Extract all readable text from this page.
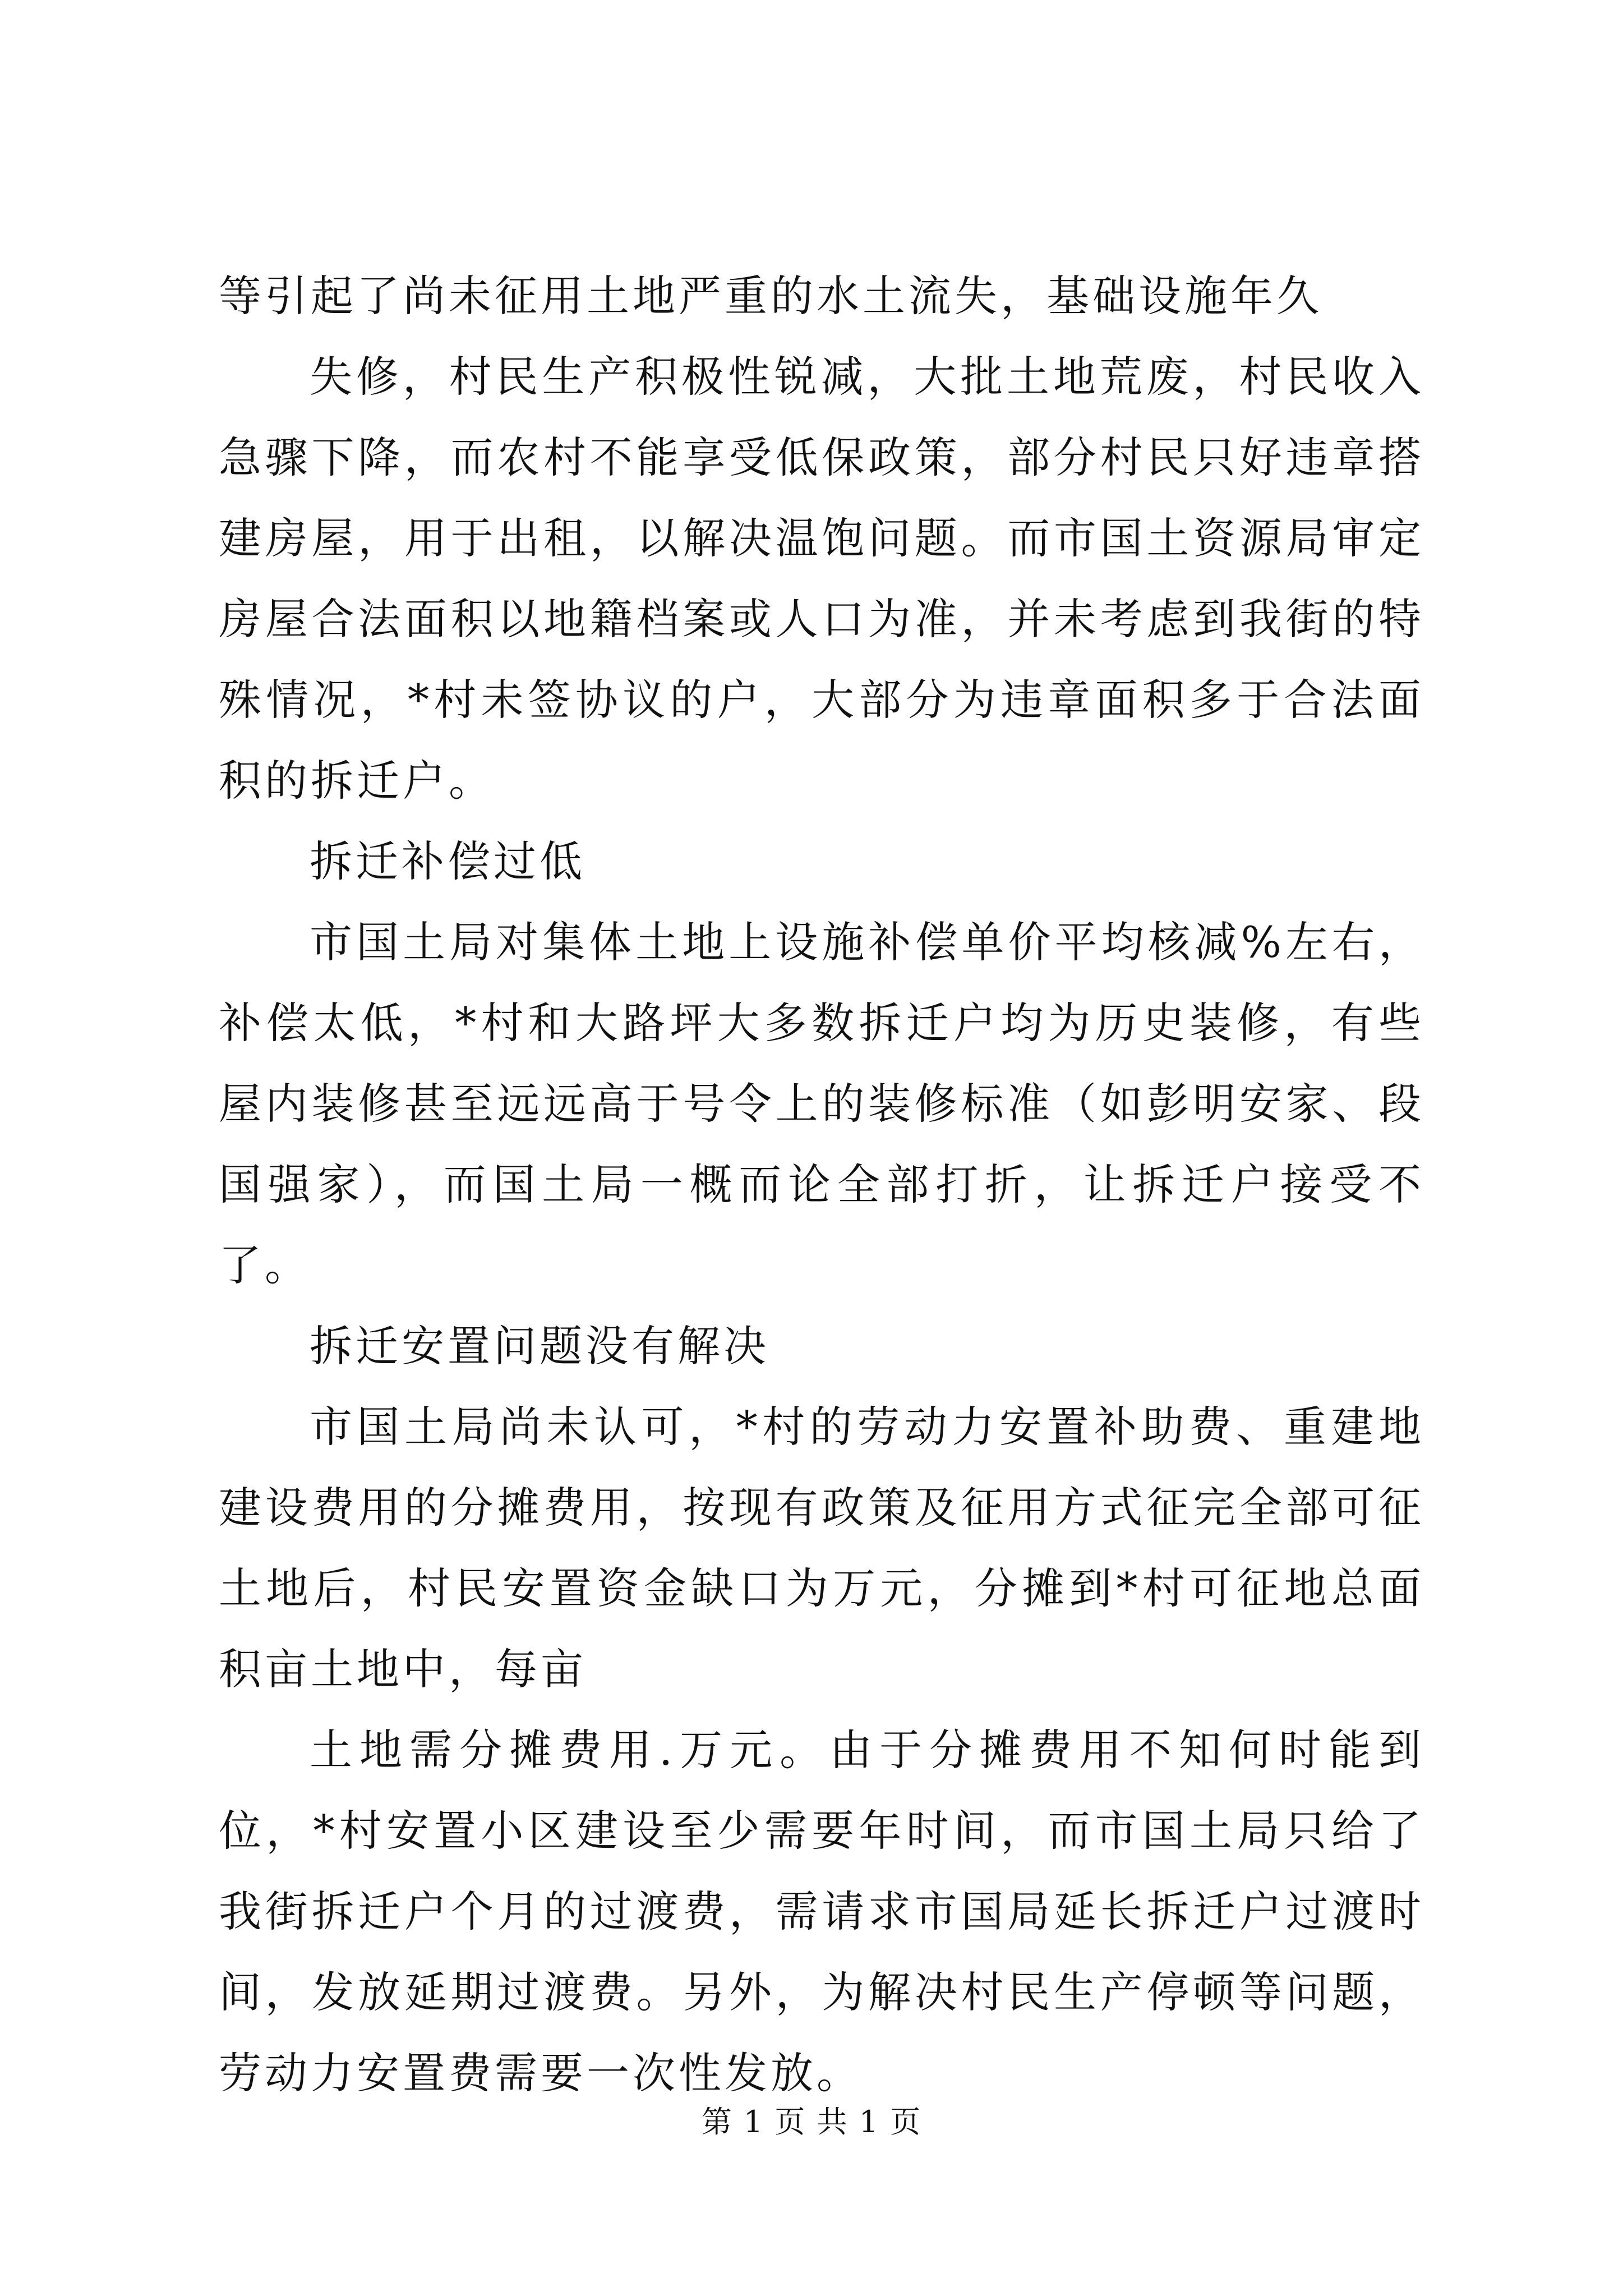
等引起了尚未征用土地严重的水土流失，基础设施年久

失修，村民生产积极性锐减，大批土地荒废，村民收入急骤下降，而农村不能享受低保政策，部分村民只好违章搭建房屋，用于出租，以解决温饱问题。而市国土资源局审定房屋合法面积以地籍档案或人口为准，并未考虑到我街的特殊情况，*村未签协议的户，大部分为违章面积多于合法面积的拆迁户。

拆迁补偿过低

市国土局对集体土地上设施补偿单价平均核减%左右，补偿太低，*村和大路坪大多数拆迁户均为历史装修，有些屋内装修甚至远远高于号令上的装修标准（如彭明安家、段国强家），而国土局一概而论全部打折，让拆迁户接受不了。

拆迁安置问题没有解决

市国土局尚未认可，*村的劳动力安置补助费、重建地建设费用的分摊费用，按现有政策及征用方式征完全部可征土地后，村民安置资金缺口为万元，分摊到*村可征地总面积亩土地中，每亩

土地需分摊费用.万元。由于分摊费用不知何时能到位，*村安置小区建设至少需要年时间，而市国土局只给了我街拆迁户个月的过渡费，需请求市国局延长拆迁户过渡时间，发放延期过渡费。另外，为解决村民生产停顿等问题，劳动力安置费需要一次性发放。

第 1 页 共 1 页
